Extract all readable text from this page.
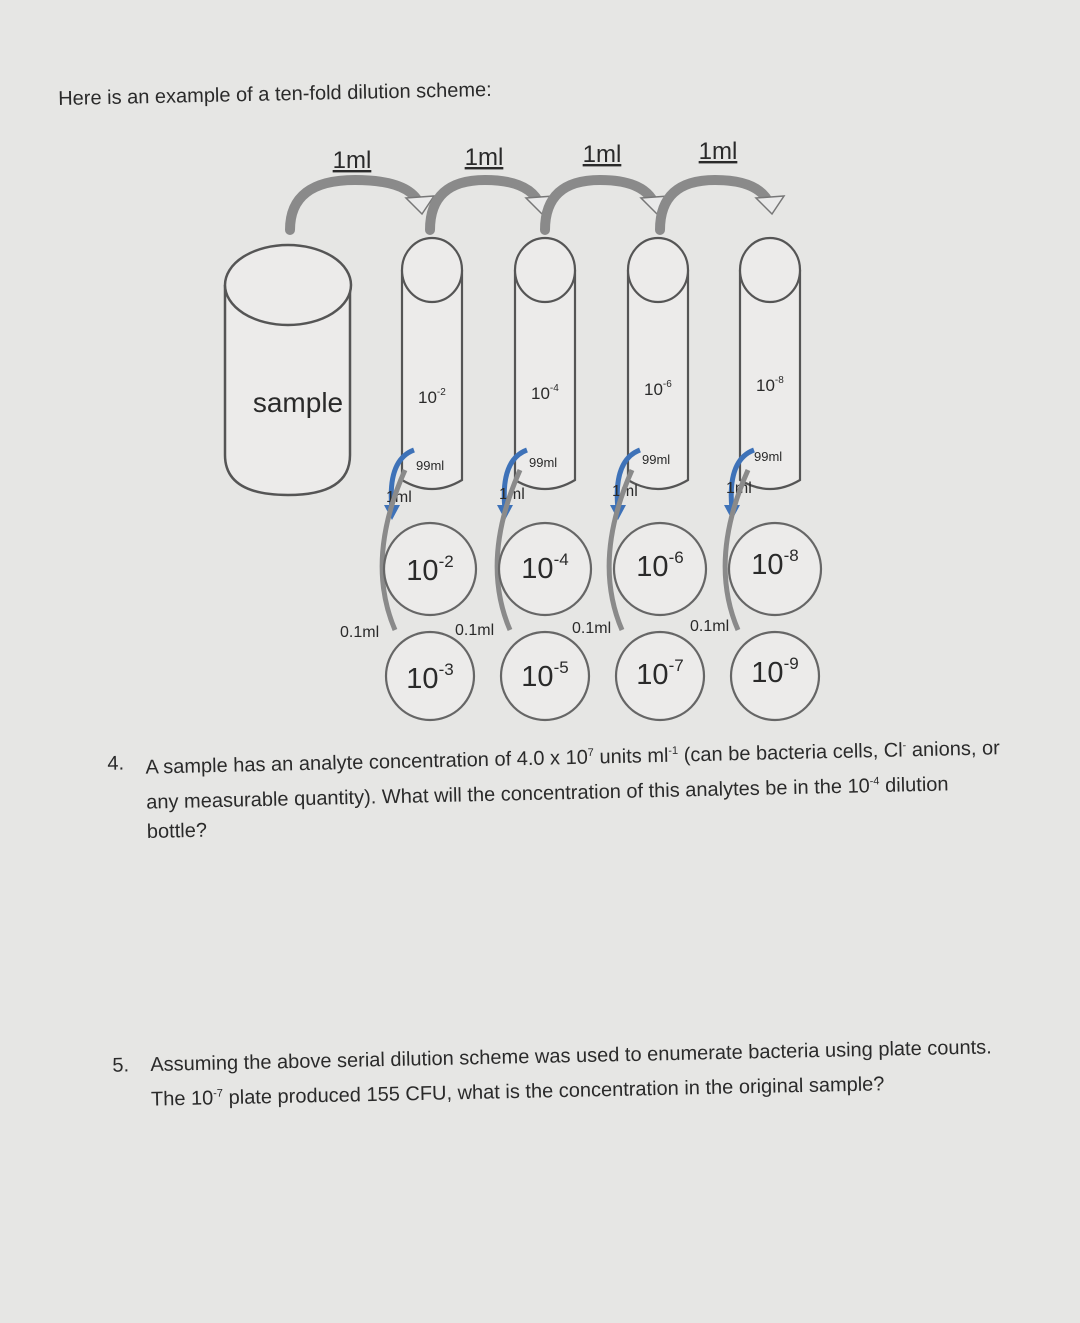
Here is an example of a ten-fold dilution scheme:
1ml	1ml	1ml	1ml
sample	$10^{-2}$
99ml
$10^{-4}$
99ml
$10^{-6}$
99ml
$10^{-8}$
99ml
1ml	1ml	1ml	1ml
$10^{-2}$ $10^{-4}$ $10^{-6}$ $10^{-8}$
0.1ml	0.1ml	0.1ml	0.1ml
$10^{-3}$ $10^{-5}$ $10^{-7}$ $10^{-9}$
4. A sample has an analyte concentration of 4.0 x $10^7$ units $ml^{-1}$ (can be bacteria cells, Cl- anions, or any measurable quantity). What will the concentration of this analytes be in the $10^{-4}$ dilution bottle?
5. Assuming the above serial dilution scheme was used to enumerate bacteria using plate counts. The $10^{-7}$ plate produced 155 CFU, what is the concentration in the original sample?
